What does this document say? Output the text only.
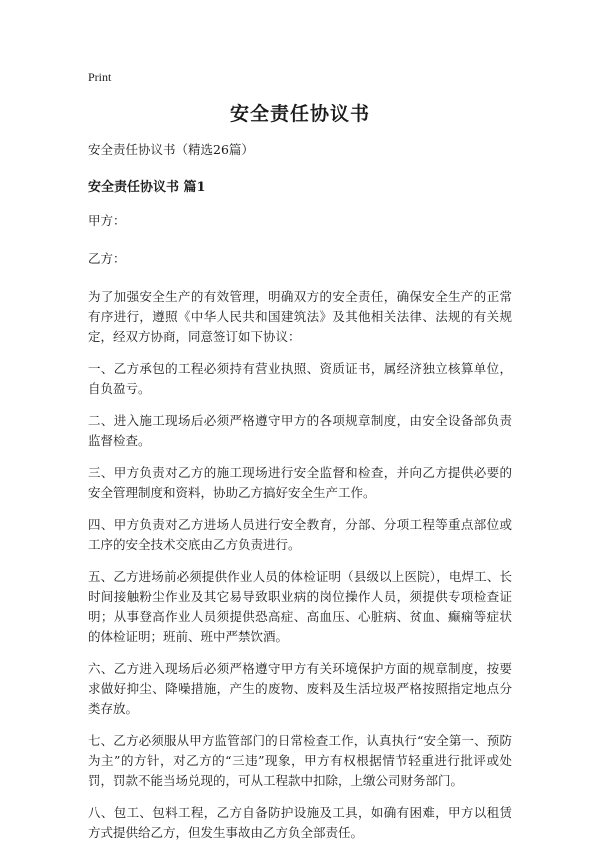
Print
安全责任协议书

安全责任协议书（精选26篇）

安全责任协议书 篇1

甲方：

乙方：

为了加强安全生产的有效管理，明确双方的安全责任，确保安全生产的正常有序进行，遵照《中华人民共和国建筑法》及其他相关法律、法规的有关规定，经双方协商，同意签订如下协议：

一、乙方承包的工程必须持有营业执照、资质证书，属经济独立核算单位，自负盈亏。

二、进入施工现场后必须严格遵守甲方的各项规章制度，由安全设备部负责监督检查。

三、甲方负责对乙方的施工现场进行安全监督和检查，并向乙方提供必要的安全管理制度和资料，协助乙方搞好安全生产工作。

四、甲方负责对乙方进场人员进行安全教育，分部、分项工程等重点部位或工序的安全技术交底由乙方负责进行。

五、乙方进场前必须提供作业人员的体检证明（县级以上医院），电焊工、长时间接触粉尘作业及其它易导致职业病的岗位操作人员，须提供专项检查证明；从事登高作业人员须提供恐高症、高血压、心脏病、贫血、癫痫等症状的体检证明；班前、班中严禁饮酒。

六、乙方进入现场后必须严格遵守甲方有关环境保护方面的规章制度，按要求做好抑尘、降噪措施，产生的废物、废料及生活垃圾严格按照指定地点分类存放。

七、乙方必须服从甲方监管部门的日常检查工作，认真执行“安全第一、预防为主”的方针，对乙方的“三违”现象，甲方有权根据情节轻重进行批评或处罚，罚款不能当场兑现的，可从工程款中扣除，上缴公司财务部门。

八、包工、包料工程，乙方自备防护设施及工具，如确有困难，甲方以租赁方式提供给乙方，但发生事故由乙方负全部责任。
